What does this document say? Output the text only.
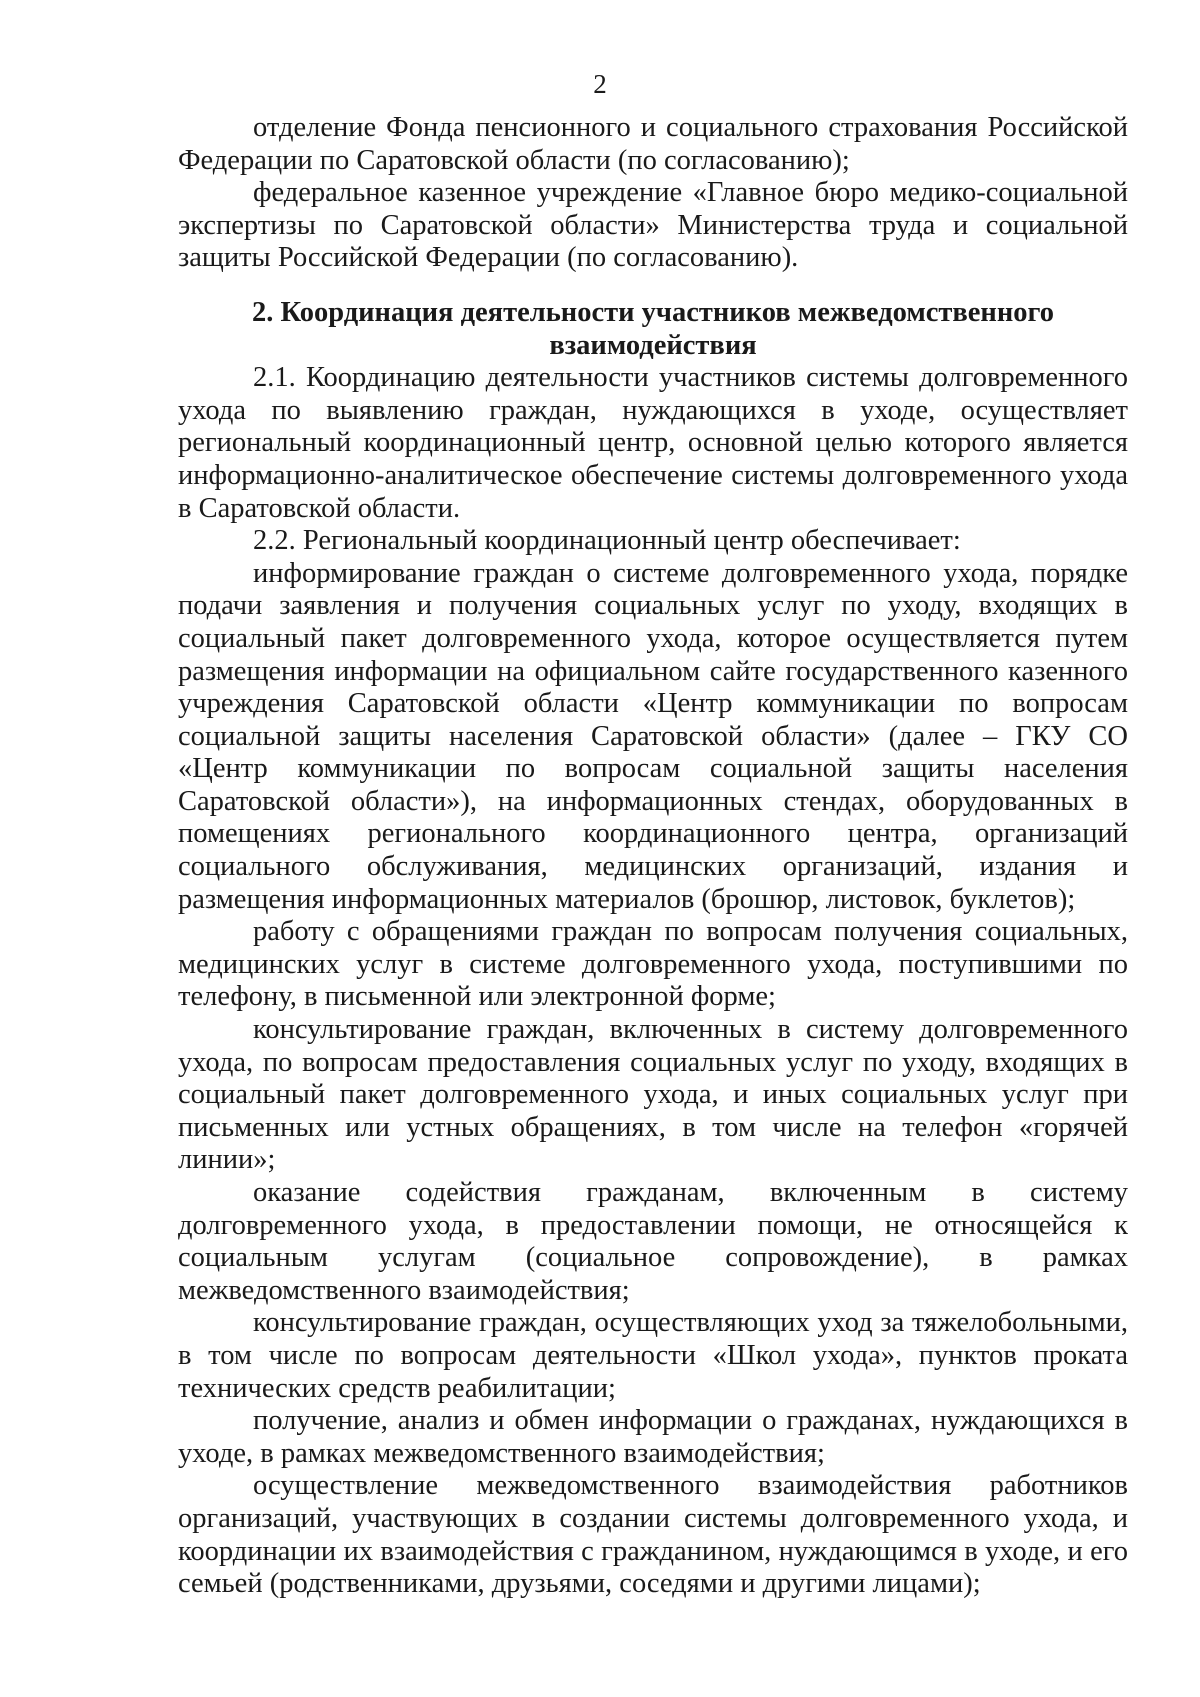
2

отделение Фонда пенсионного и социального страхования Российской Федерации по Саратовской области (по согласованию);

федеральное казенное учреждение «Главное бюро медико-социальной экспертизы по Саратовской области» Министерства труда и социальной защиты Российской Федерации (по согласованию).

2. Координация деятельности участников межведомственного взаимодействия

2.1. Координацию деятельности участников системы долговременного ухода по выявлению граждан, нуждающихся в уходе, осуществляет региональный координационный центр, основной целью которого является информационно-аналитическое обеспечение системы долговременного ухода в Саратовской области.

2.2. Региональный координационный центр обеспечивает:

информирование граждан о системе долговременного ухода, порядке подачи заявления и получения социальных услуг по уходу, входящих в социальный пакет долговременного ухода, которое осуществляется путем размещения информации на официальном сайте государственного казенного учреждения Саратовской области «Центр коммуникации по вопросам социальной защиты населения Саратовской области» (далее – ГКУ СО «Центр коммуникации по вопросам социальной защиты населения Саратовской области»), на информационных стендах, оборудованных в помещениях регионального координационного центра, организаций социального обслуживания, медицинских организаций, издания и размещения информационных материалов (брошюр, листовок, буклетов);

работу с обращениями граждан по вопросам получения социальных, медицинских услуг в системе долговременного ухода, поступившими по телефону, в письменной или электронной форме;

консультирование граждан, включенных в систему долговременного ухода, по вопросам предоставления социальных услуг по уходу, входящих в социальный пакет долговременного ухода, и иных социальных услуг при письменных или устных обращениях, в том числе на телефон «горячей линии»;

оказание содействия гражданам, включенным в систему долговременного ухода, в предоставлении помощи, не относящейся к социальным услугам (социальное сопровождение), в рамках межведомственного взаимодействия;

консультирование граждан, осуществляющих уход за тяжелобольными, в том числе по вопросам деятельности «Школ ухода», пунктов проката технических средств реабилитации;

получение, анализ и обмен информации о гражданах, нуждающихся в уходе, в рамках межведомственного взаимодействия;

осуществление межведомственного взаимодействия работников организаций, участвующих в создании системы долговременного ухода, и координации их взаимодействия с гражданином, нуждающимся в уходе, и его семьей (родственниками, друзьями, соседями и другими лицами);
